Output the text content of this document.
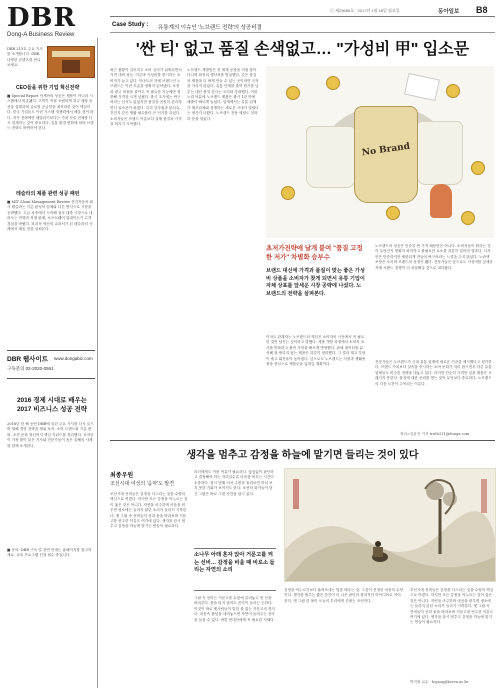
DBR
Dong-A Business Review
ⓒ 제29685호 · 2017년 1월 16일 월요일	동아일보 B8
DBR 215호 주요 기사를 소개합니다. DBR 다양한 콘텐츠를 만나보세요.
CEO들을 위한 기업 혁신전략
■ Special Report 이케아의 성공은 제품이 아니라 시스템에서 비롯됐다. 고객이 직접 조립하게 하고 매장 동선을 설계하며 글로벌 공급망을 최적화한 것이 핵심이다. 한국 기업들도 이런 시스템 경쟁력에서 배울 점이 많다. 저가 전략에만 매달리기보다는 가치 사슬 전체를 다시 설계하는 것이 중요하다. 유통 환경 변화에 따라 브랜드 전략도 바뀌어야 한다.
테슬라의 제품 관련 성공 패턴
■ MIT Sloan Management Review 전기자동차 회사 테슬라는 기존 완성차 업체와 다른 방식으로 시장을 공략했다. 고급 차종에서 시작해 점차 대중 시장으로 내려오는 전략과 직영 판매, 소프트웨어 업데이트가 고객 경험을 바꿨다. 파괴적 혁신의 교과서가 된 테슬라의 사례에서 배울 점을 살펴본다.
DBR 웹사이트 www.dongabiz.com
구독문의 02-2020-0561
2016 경제 시대로 배우는 2017 비즈니스 성공 전략
2016년 한 해 동안 DBR에 실린 주요 기사를 다시 읽으며 새해 경영 전략을 세워 보자. 소비 트렌드와 기술 변화, 조직 문화 혁신까지 핵심 키워드를 정리했다. 독자들이 가장 많이 읽은 기사와 전문가들이 꼽은 올해의 사례를 함께 소개한다.
■ 문의: DBR 구독 및 강연 안내는 홈페이지를 참고하세요. 교육 프로그램 신청 접수 중입니다.
Case Study : 유통계의 이슈인 '노브랜드 전략'의 성공비결
'싼 티' 없고 품질 손색없고… "가성비 甲" 입소문
최근 불황이 길어지고 소비 심리가 위축되면서 가격 대비 성능, 이른바 가성비를 중시하는 소비자가 늘고 있다. 이마트의 자체 브랜드인 노브랜드는 이런 흐름을 정확히 읽어냈다. 포장과 광고 비용을 줄이고 꼭 필요한 기능에만 집중해 가격을 크게 낮췄다. 출시 초기에는 싸구려라는 인식도 있었지만 품질을 꼼꼼히 관리하면서 입소문이 퍼졌다. 특히 감자칩과 물티슈, 건전지 같은 생활 필수품이 큰 인기를 끌었다. 소비자들은 브랜드 이름보다 실제 품질과 가격을 따지기 시작했다.
노브랜드 개발팀은 전 세계 공장을 직접 찾아다니며 최적의 생산처를 발굴했다. 같은 품질의 제품을 더 싸게 만들 수 있는 곳이라면 국적을 가리지 않았다. 유통 단계를 줄여 원가를 낮추는 대신 품질 검사는 오히려 강화했다. 이런 노력 덕분에 노브랜드 제품은 출시 1년 만에 매출이 빠르게 늘었다. 업계에서는 유통 업체가 제조업체와 경쟁하는 새로운 시대가 열렸다는 평가가 나왔다. 노브랜드 전용 매장도 잇따라 문을 열었다.
No Brand
초저가전략에 날개 붙여 "품질 고정한 저가" 차별화 승부수
브랜드 대신에 가격과 품질이 맞는 좋은 가성비 상품을 소비자가 찾게 되면서 유통 기업이 자체 상표를 앞세운 시장 공략에 나섰다. 노브랜드의 전략을 살펴본다.
노브랜드의 성공은 단순히 싼 가격 때문만은 아니다. 소비자들이 원하는 것이 무엇인지 정확히 파악하고 불필요한 요소를 과감히 덜어낸 결과다. 디자인은 단순하지만 세련되게 만들어 싸구려라는 느낌을 주지 않았다. 노란색 포장은 오히려 브랜드의 상징이 됐다. 전문가들은 앞으로도 가성비를 앞세운 자체 브랜드 경쟁이 더 치열해질 것으로 내다봤다.
이마트 관계자는 노브랜드의 핵심은 소비자의 시선에서 꼭 필요한 것만 남기는 것이라고 말했다. 제품 개발 과정에서 소비자 조사를 반복하고 불만 사항을 빠르게 반영했다. 판매 데이터를 분석해 잘 팔리지 않는 제품은 과감히 정리했다. 그 결과 재고 부담이 줄고 회전율이 높아졌다. 앞으로도 노브랜드는 식품과 생활용품을 중심으로 제품군을 넓혀갈 계획이다.
전문가들은 노브랜드가 국내 유통 업계에 새로운 기준을 제시했다고 평가한다. 브랜드 가치보다 실속을 중시하는 소비 문화가 자리 잡으면서 다른 유통 업체들도 비슷한 전략을 내놓고 있다. 하지만 단순히 가격만 낮춘 제품은 오래가지 못한다. 품질에 대한 신뢰를 쌓는 것이 무엇보다 중요하다. 노브랜드의 다음 도전이 주목되는 이유다.
정리=김윤진 기자 truth311@donga.com
생각을 멈추고 감정을 하늘에 맡기면 들리는 것이 있다
최종우원
조선시대 여성의 '음악'도 발견
조선시대 선비들은 감정을 다스리는 것을 수양의 핵심으로 여겼다. 하지만 모든 감정을 억누르는 것이 옳은 것은 아니다. 자연을 마주하며 마음을 비우면 평소에는 들리지 않던 소리가 들리기 시작한다. 옛 그림 속 선비들이 산과 물을 바라보며 거문고를 연주한 이유도 여기에 있다. 생각을 잠시 멈추고 감정을 하늘에 맡기는 연습이 필요하다.
리더에게도 이런 여유가 필요하다. 끊임없이 판단하고 결정해야 하는 자리일수록 마음을 비우는 시간이 소중하다. 잠시 멈춰 서서 주변을 둘러보면 미처 보지 못한 기회가 보이기도 한다. 조선의 화가들이 남긴 그림은 바로 그런 순간을 담고 있다.
소나무 아래 혼자 앉아 거문고를 켜는 선비… 감정을 비울 때 비로소 들리는 자연의 소리
그림 속 선비는 거문고를 무릎에 올려놓고 먼 산을 바라본다. 줄을 타지 않아도 음악이 들리는 듯하다. 이것이 바로 옛사람들이 말한 줄 없는 거문고의 경지다. 마음속 잡념을 내려놓으면 자연이 들려주는 음악을 들을 수 있다. 바쁜 현대인에게 꼭 필요한 지혜다.
감정을 억누르기보다 흘려보내는 법을 배우는 것, 그것이 진정한 마음의 수양이다. 생각을 멈추는 짧은 순간이 더 나은 판단과 창의적인 아이디어로 이어진다. 옛 그림 한 폭이 오늘의 우리에게 건네는 조언이다.
조선시대 선비들은 감정을 다스리는 것을 수양의 핵심으로 여겼다. 하지만 모든 감정을 억누르는 것이 옳은 것은 아니다. 자연을 마주하며 마음을 비우면 평소에는 들리지 않던 소리가 들리기 시작한다. 옛 그림 속 선비들이 산과 물을 바라보며 거문고를 연주한 이유도 여기에 있다. 생각을 잠시 멈추고 감정을 하늘에 맡기는 연습이 필요하다.
박지원 교수 · hsjang@korea.ac.kr
